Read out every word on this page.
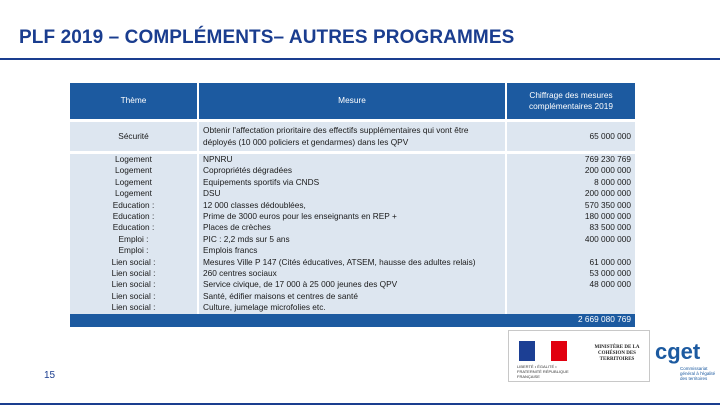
PLF 2019 – COMPLÉMENTS– AUTRES PROGRAMMES
Thème	Mesure	Chiffrage des mesures complémentaires 2019
Sécurité	Obtenir l'affectation prioritaire des effectifs supplémentaires qui vont être déployés (10 000 policiers et gendarmes) dans les QPV	65 000 000
Logement	NPNRU	769 230 769
Logement	Copropriétés dégradées	200 000 000
Logement	Equipements sportifs via CNDS	8 000 000
Logement	DSU	200 000 000
Education :	12 000 classes dédoublées,	570 350 000
Education :	Prime de 3000 euros pour les enseignants en REP +	180 000 000
Education :	Places de crèches	83 500 000
Emploi :	PIC : 2,2 mds sur 5 ans	400 000 000
Emploi :	Emplois francs	
Lien social :	Mesures Ville P 147 (Cités éducatives, ATSEM, hausse des adultes relais)	61 000 000
Lien social :	260 centres sociaux	53 000 000
Lien social :	Service civique, de 17 000 à 25 000 jeunes des QPV	48 000 000
Lien social :	Santé, édifier maisons et centres de santé	
Lien social :	Culture, jumelage microfolies etc.	
2 669 080 769		
15
LIBERTÉ • ÉGALITÉ • FRATERNITÉ RÉPUBLIQUE FRANÇAISE
MINISTÈRE DE LA COHÉSION DES TERRITOIRES cget
Commissariat général à l'égalité des territoires
